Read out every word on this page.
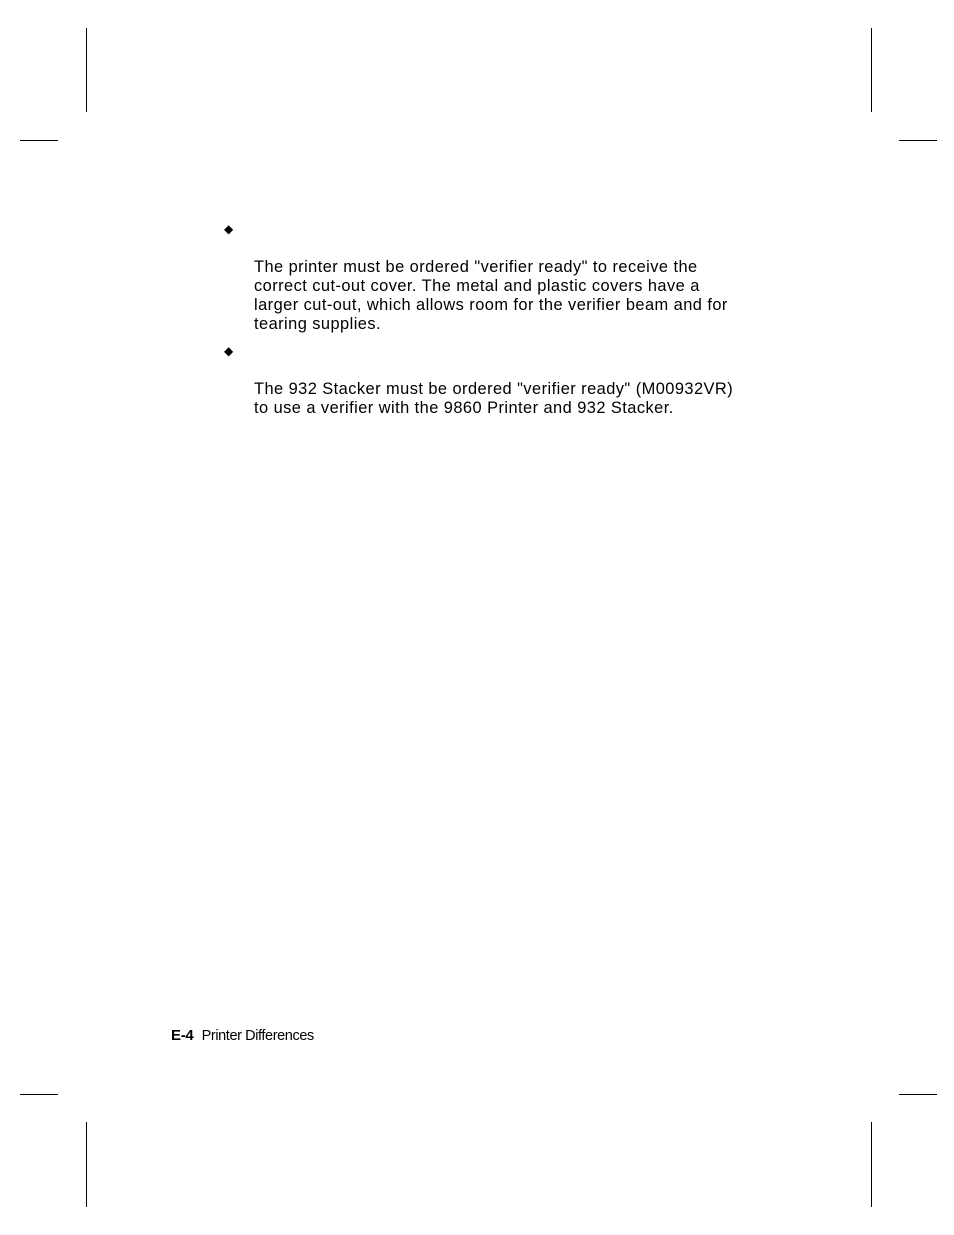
◆

The printer must be ordered "verifier ready" to receive the
correct cut-out cover. The metal and plastic covers have a
larger cut-out, which allows room for the verifier beam and for
tearing supplies.

◆

The 932 Stacker must be ordered "verifier ready" (M00932VR)
to use a verifier with the 9860 Printer and 932 Stacker.

E-4 Printer Differences
